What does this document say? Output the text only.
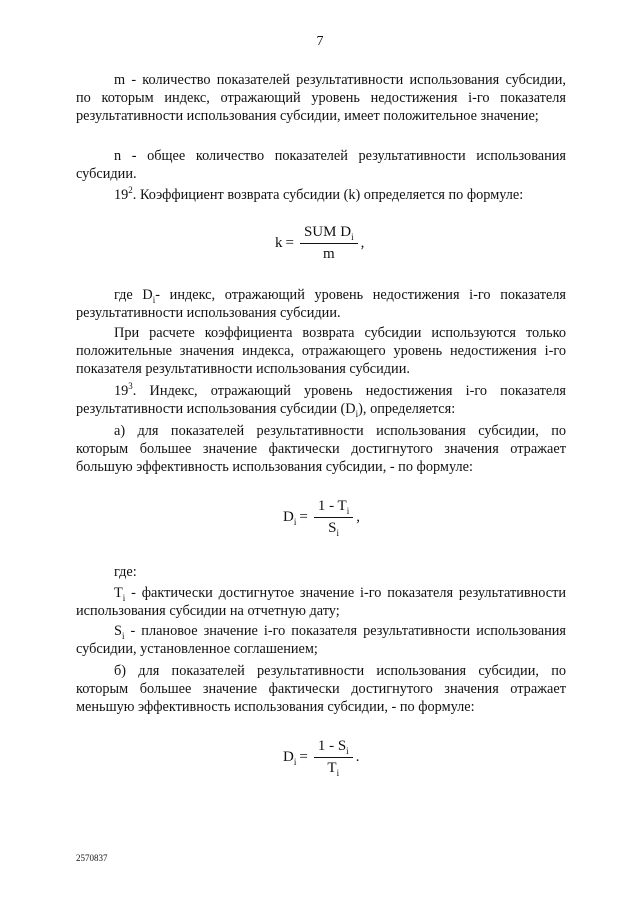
7

m - количество показателей результативности использования субсидии, по которым индекс, отражающий уровень недостижения i-го показателя результативности использования субсидии, имеет положительное значение;

n - общее количество показателей результативности использования субсидии.

$19^2$. Коэффициент возврата субсидии (k) определяется по формуле:

$k = \frac{SUM D_i}{m}$ ,

где $D_i-$ индекс, отражающий уровень недостижения i-го показателя результативности использования субсидии.

При расчете коэффициента возврата субсидии используются только положительные значения индекса, отражающего уровень недостижения i-го показателя результативности использования субсидии.

$19^3$. Индекс, отражающий уровень недостижения i-го показателя результативности использования субсидии $(D_i)$, определяется:

а) для показателей результативности использования субсидии, по которым большее значение фактически достигнутого значения отражает большую эффективность использования субсидии, - по формуле:

$D_i = \frac{1 - T_i}{S_i}$ ,

где:

$T_i$ - фактически достигнутое значение i-го показателя результативности использования субсидии на отчетную дату;

$S_i$ - плановое значение i-го показателя результативности использования субсидии, установленное соглашением;

б) для показателей результативности использования субсидии, по которым большее значение фактически достигнутого значения отражает меньшую эффективность использования субсидии, - по формуле:

$D_i = \frac{1 - S_i}{T_i}$ .
2570837
